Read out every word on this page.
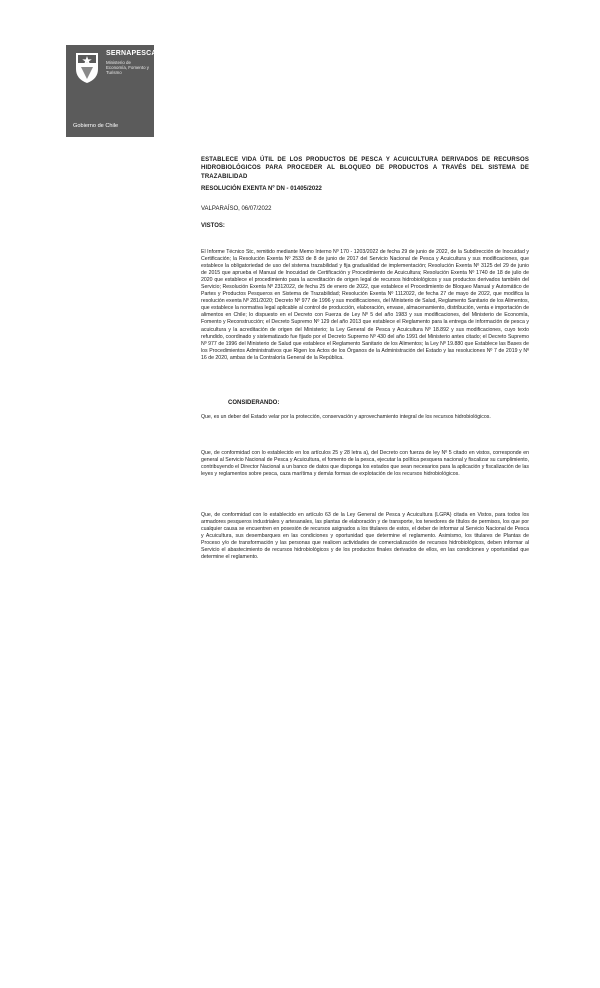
SERNAPESCA
Ministerio de Economía, Fomento y Turismo
Gobierno de Chile
ESTABLECE VIDA ÚTIL DE LOS PRODUCTOS DE PESCA Y ACUICULTURA DERIVADOS DE RECURSOS HIDROBIOLÓGICOS PARA PROCEDER AL BLOQUEO DE PRODUCTOS A TRAVÉS DEL SISTEMA DE TRAZABILIDAD
RESOLUCIÓN EXENTA Nº DN - 01405/2022
VALPARAÍSO, 06/07/2022
VISTOS:
El Informe Técnico Stc, remitido mediante Memo Interno Nº 170 - 1203/2022 de fecha 29 de junio de 2022, de la Subdirección de Inocuidad y Certificación; la Resolución Exenta Nº 2533 de 8 de junio de 2017 del Servicio Nacional de Pesca y Acuicultura y sus modificaciones, que establece la obligatoriedad de uso del sistema trazabilidad y fija gradualidad de implementación; Resolución Exenta Nº 3125 del 29 de junio de 2015 que aprueba el Manual de Inocuidad de Certificación y Procedimiento de Acuicultura; Resolución Exenta Nº 1740 de 18 de julio de 2020 que establece el procedimiento para la acreditación de origen legal de recursos hidrobiológicos y sus productos derivados también del Servicio; Resolución Exenta Nº 2312022, de fecha 25 de enero de 2022, que establece el Procedimiento de Bloqueo Manual y Automático de Partes y Productos Pesqueros en Sistema de Trazabilidad; Resolución Exenta Nº 1112022, de fecha 27 de mayo de 2022, que modifica la resolución exenta Nº 281/2020; Decreto Nº 977 de 1996 y sus modificaciones, del Ministerio de Salud, Reglamento Sanitario de los Alimentos, que establece la normativa legal aplicable al control de producción, elaboración, envase, almacenamiento, distribución, venta e importación de alimentos en Chile; lo dispuesto en el Decreto con Fuerza de Ley Nº 5 del año 1983 y sus modificaciones, del Ministerio de Economía, Fomento y Reconstrucción; el Decreto Supremo Nº 129 del año 2013 que establece el Reglamento para la entrega de información de pesca y acuicultura y la acreditación de origen del Ministerio; la Ley General de Pesca y Acuicultura Nº 18.892 y sus modificaciones, cuyo texto refundido, coordinado y sistematizado fue fijado por el Decreto Supremo Nº 430 del año 1991 del Ministerio antes citado; el Decreto Supremo Nº 977 de 1996 del Ministerio de Salud que establece el Reglamento Sanitario de los Alimentos; la Ley Nº 19.880 que Establece las Bases de los Procedimientos Administrativos que Rigen los Actos de los Órganos de la Administración del Estado y las resoluciones Nº 7 de 2019 y Nº 16 de 2020, ambas de la Contraloría General de la República.
CONSIDERANDO:
Que, es un deber del Estado velar por la protección, conservación y aprovechamiento integral de los recursos hidrobiológicos.
Que, de conformidad con lo establecido en los artículos 25 y 28 letra a), del Decreto con fuerza de ley Nº 5 citado en vistos, corresponde en general al Servicio Nacional de Pesca y Acuicultura, el fomento de la pesca, ejecutar la política pesquera nacional y fiscalizar su cumplimiento, contribuyendo el Director Nacional a un banco de datos que disponga los estados que sean necesarios para la aplicación y fiscalización de las leyes y reglamentos sobre pesca, caza marítima y demás formas de explotación de los recursos hidrobiológicos.
Que, de conformidad con lo establecido en artículo 63 de la Ley General de Pesca y Acuicultura (LGPA) citada en Vistos, para todos los armadores pesqueros industriales y artesanales, las plantas de elaboración y de transporte, los tenedores de títulos de permisos, los que por cualquier causa se encuentren en posesión de recursos asignados a los titulares de estos, el deber de informar al Servicio Nacional de Pesca y Acuicultura, sus desembarques en las condiciones y oportunidad que determine el reglamento. Asimismo, los titulares de Plantas de Proceso y/o de transformación y las personas que realicen actividades de comercialización de recursos hidrobiológicos, deben informar al Servicio el abastecimiento de recursos hidrobiológicos y de los productos finales derivados de ellos, en las condiciones y oportunidad que determine el reglamento.
